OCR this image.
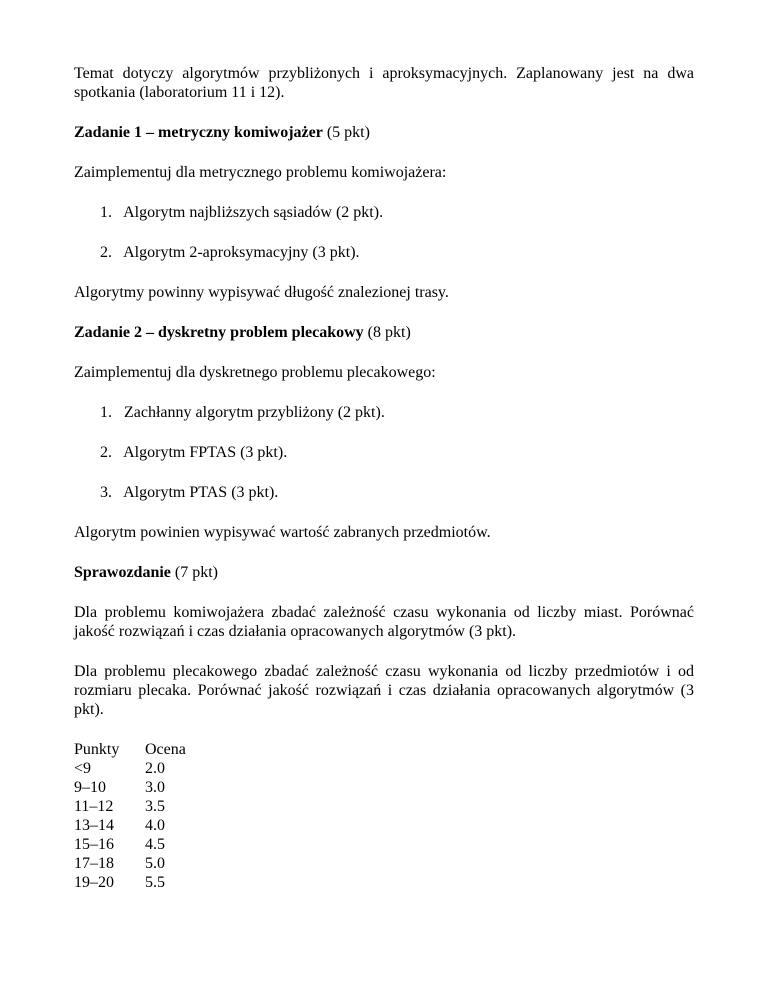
Temat dotyczy algorytmów przybliżonych i aproksymacyjnych. Zaplanowany jest na dwa spotkania (laboratorium 11 i 12).

Zadanie 1 – metryczny komiwojażer (5 pkt)

Zaimplementuj dla metrycznego problemu komiwojażera:

1. Algorytm najbliższych sąsiadów (2 pkt).
2. Algorytm 2-aproksymacyjny (3 pkt).

Algorytmy powinny wypisywać długość znalezionej trasy.

Zadanie 2 – dyskretny problem plecakowy (8 pkt)

Zaimplementuj dla dyskretnego problemu plecakowego:

1. Zachłanny algorytm przybliżony (2 pkt).
2. Algorytm FPTAS (3 pkt).
3. Algorytm PTAS (3 pkt).

Algorytm powinien wypisywać wartość zabranych przedmiotów.

Sprawozdanie (7 pkt)

Dla problemu komiwojażera zbadać zależność czasu wykonania od liczby miast. Porównać jakość rozwiązań i czas działania opracowanych algorytmów (3 pkt).

Dla problemu plecakowego zbadać zależność czasu wykonania od liczby przedmiotów i od rozmiaru plecaka. Porównać jakość rozwiązań i czas działania opracowanych algorytmów (3 pkt).

Punkty	Ocena
<9	2.0
9–10	3.0
11–12	3.5
13–14	4.0
15–16	4.5
17–18	5.0
19–20	5.5
